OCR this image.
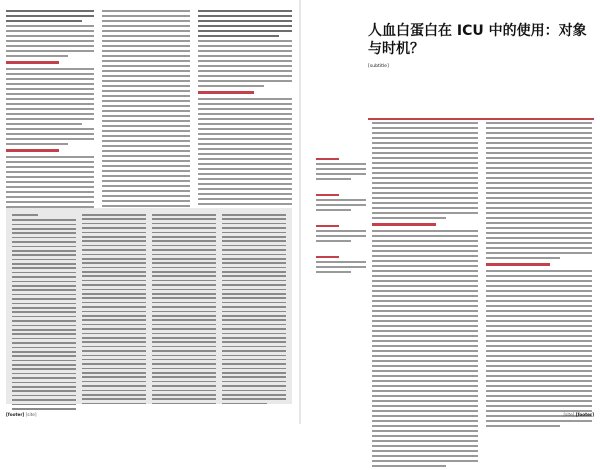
[footer] [site]
人血白蛋白在 ICU 中的使用：对象与时机？
[subtitle]
[site] [footer]
